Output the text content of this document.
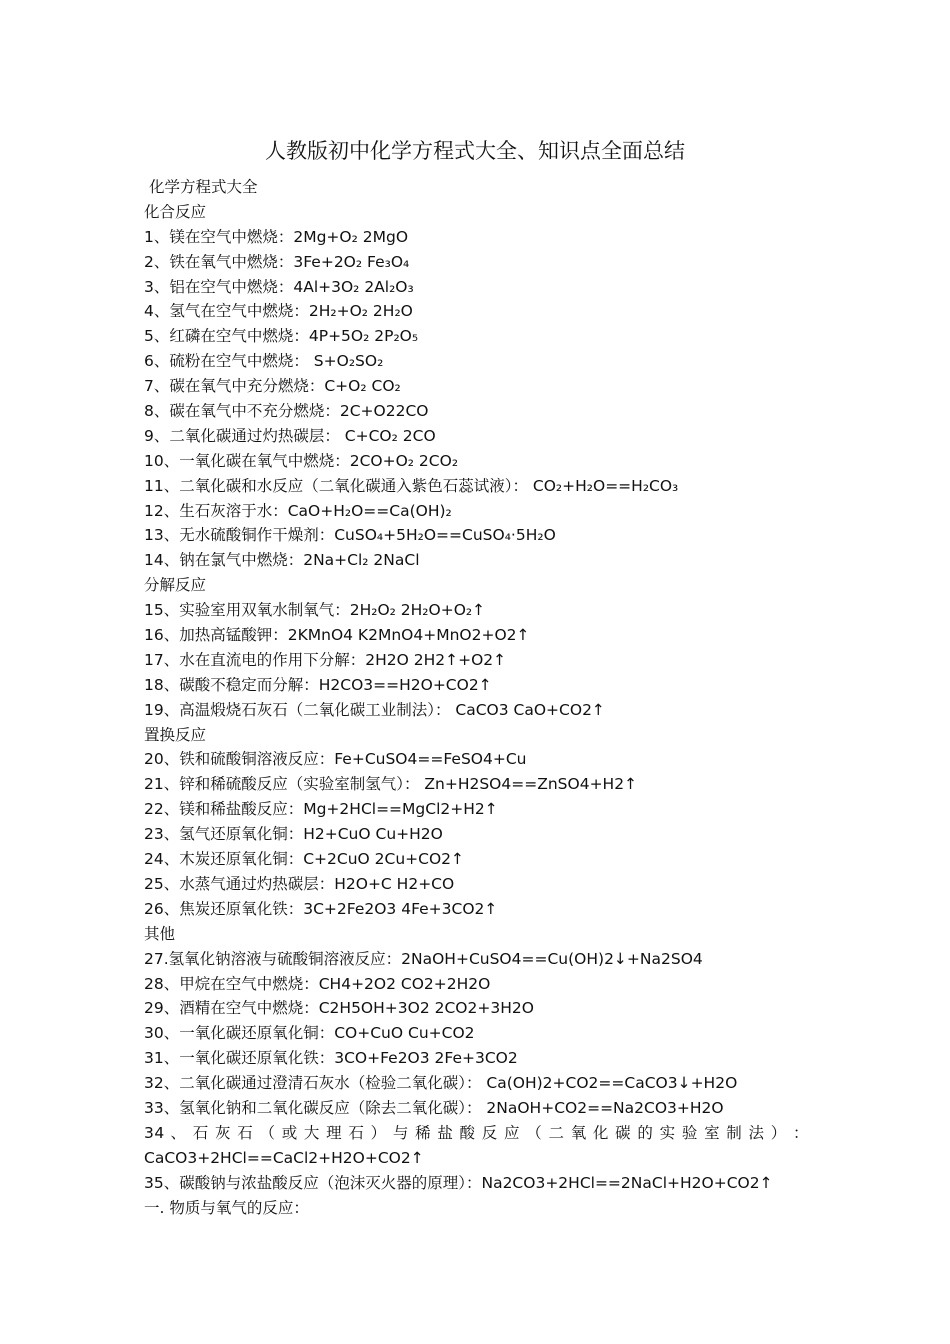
人教版初中化学方程式大全、知识点全面总结
化学方程式大全
化合反应
1、镁在空气中燃烧：2Mg+O₂ 2MgO
2、铁在氧气中燃烧：3Fe+2O₂ Fe₃O₄
3、铝在空气中燃烧：4Al+3O₂ 2Al₂O₃
4、氢气在空气中燃烧：2H₂+O₂ 2H₂O
5、红磷在空气中燃烧：4P+5O₂ 2P₂O₅
6、硫粉在空气中燃烧： S+O₂SO₂
7、碳在氧气中充分燃烧：C+O₂ CO₂
8、碳在氧气中不充分燃烧：2C+O22CO
9、二氧化碳通过灼热碳层： C+CO₂ 2CO
10、一氧化碳在氧气中燃烧：2CO+O₂ 2CO₂
11、二氧化碳和水反应（二氧化碳通入紫色石蕊试液）： CO₂+H₂O==H₂CO₃
12、生石灰溶于水：CaO+H₂O==Ca(OH)₂
13、无水硫酸铜作干燥剂：CuSO₄+5H₂O==CuSO₄·5H₂O
14、钠在氯气中燃烧：2Na+Cl₂ 2NaCl
分解反应
15、实验室用双氧水制氧气：2H₂O₂ 2H₂O+O₂↑
16、加热高锰酸钾：2KMnO4 K2MnO4+MnO2+O2↑
17、水在直流电的作用下分解：2H2O 2H2↑+O2↑
18、碳酸不稳定而分解：H2CO3==H2O+CO2↑
19、高温煅烧石灰石（二氧化碳工业制法）： CaCO3 CaO+CO2↑
置换反应
20、铁和硫酸铜溶液反应：Fe+CuSO4==FeSO4+Cu
21、锌和稀硫酸反应（实验室制氢气）： Zn+H2SO4==ZnSO4+H2↑
22、镁和稀盐酸反应：Mg+2HCl==MgCl2+H2↑
23、氢气还原氧化铜：H2+CuO Cu+H2O
24、木炭还原氧化铜：C+2CuO 2Cu+CO2↑
25、水蒸气通过灼热碳层：H2O+C H2+CO
26、焦炭还原氧化铁：3C+2Fe2O3 4Fe+3CO2↑
其他
27.氢氧化钠溶液与硫酸铜溶液反应：2NaOH+CuSO4==Cu(OH)2↓+Na2SO4
28、甲烷在空气中燃烧：CH4+2O2 CO2+2H2O
29、酒精在空气中燃烧：C2H5OH+3O2 2CO2+3H2O
30、一氧化碳还原氧化铜：CO+CuO Cu+CO2
31、一氧化碳还原氧化铁：3CO+Fe2O3 2Fe+3CO2
32、二氧化碳通过澄清石灰水（检验二氧化碳）： Ca(OH)2+CO2==CaCO3↓+H2O
33、氢氧化钠和二氧化碳反应（除去二氧化碳）： 2NaOH+CO2==Na2CO3+H2O
34 、 石 灰 石 （ 或 大 理 石 ） 与 稀 盐 酸 反 应 （ 二 氧 化 碳 的 实 验 室 制 法 ） ：
CaCO3+2HCl==CaCl2+H2O+CO2↑
35、碳酸钠与浓盐酸反应（泡沫灭火器的原理）：Na2CO3+2HCl==2NaCl+H2O+CO2↑
一. 物质与氧气的反应：
